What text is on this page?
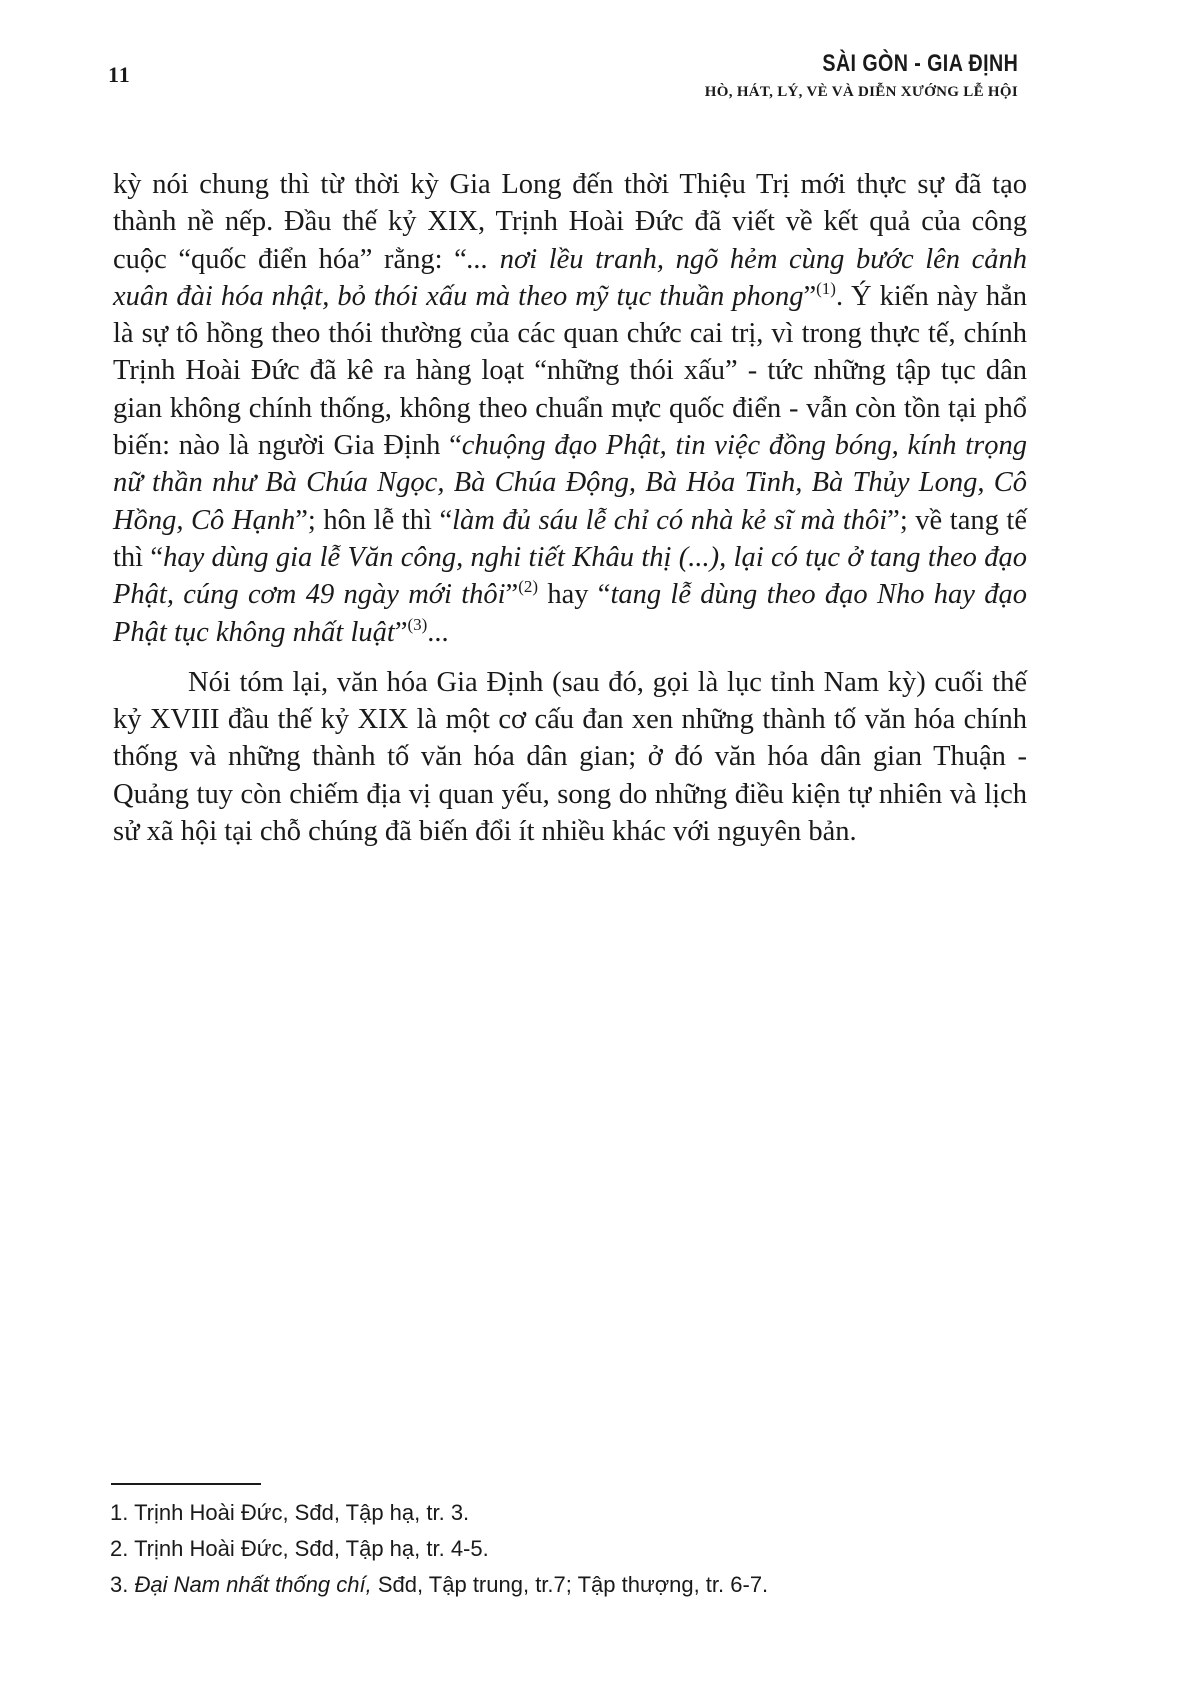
11	SÀI GÒN - GIA ĐỊNH
HÒ, HÁT, LÝ, VÈ VÀ DIỄN XƯỚNG LỄ HỘI

kỳ nói chung thì từ thời kỳ Gia Long đến thời Thiệu Trị mới thực sự đã tạo thành nề nếp. Đầu thế kỷ XIX, Trịnh Hoài Đức đã viết về kết quả của công cuộc “quốc điển hóa” rằng: “... nơi lều tranh, ngõ hẻm cùng bước lên cảnh xuân đài hóa nhật, bỏ thói xấu mà theo mỹ tục thuần phong”$^{(1)}$. Ý kiến này hẳn là sự tô hồng theo thói thường của các quan chức cai trị, vì trong thực tế, chính Trịnh Hoài Đức đã kê ra hàng loạt “những thói xấu” - tức những tập tục dân gian không chính thống, không theo chuẩn mực quốc điển - vẫn còn tồn tại phổ biến: nào là người Gia Định “chuộng đạo Phật, tin việc đồng bóng, kính trọng nữ thần như Bà Chúa Ngọc, Bà Chúa Động, Bà Hỏa Tinh, Bà Thủy Long, Cô Hồng, Cô Hạnh”; hôn lễ thì “làm đủ sáu lễ chỉ có nhà kẻ sĩ mà thôi”; về tang tế thì “hay dùng gia lễ Văn công, nghi tiết Khâu thị (...), lại có tục ở tang theo đạo Phật, cúng cơm 49 ngày mới thôi”$^{(2)}$ hay “tang lễ dùng theo đạo Nho hay đạo Phật tục không nhất luật”$^{(3)}$...

Nói tóm lại, văn hóa Gia Định (sau đó, gọi là lục tỉnh Nam kỳ) cuối thế kỷ XVIII đầu thế kỷ XIX là một cơ cấu đan xen những thành tố văn hóa chính thống và những thành tố văn hóa dân gian; ở đó văn hóa dân gian Thuận - Quảng tuy còn chiếm địa vị quan yếu, song do những điều kiện tự nhiên và lịch sử xã hội tại chỗ chúng đã biến đổi ít nhiều khác với nguyên bản.

1. Trịnh Hoài Đức, Sđd, Tập hạ, tr. 3.

2. Trịnh Hoài Đức, Sđd, Tập hạ, tr. 4-5.

3. Đại Nam nhất thống chí, Sđd, Tập trung, tr.7; Tập thượng, tr. 6-7.
